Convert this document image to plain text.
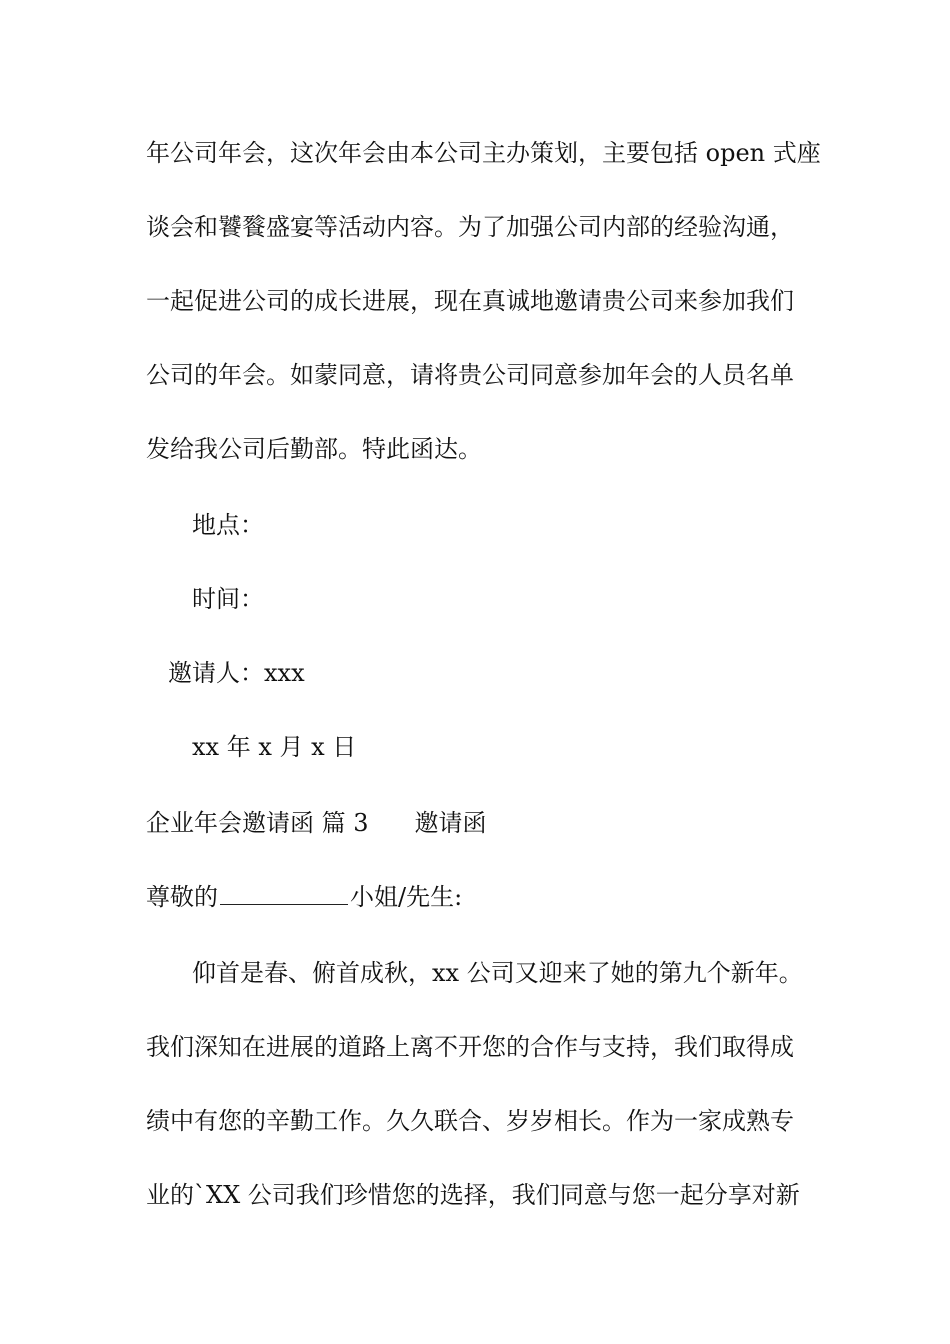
年公司年会，这次年会由本公司主办策划，主要包括 open 式座
谈会和饕餮盛宴等活动内容。为了加强公司内部的经验沟通，
一起促进公司的成长进展，现在真诚地邀请贵公司来参加我们
公司的年会。如蒙同意，请将贵公司同意参加年会的人员名单
发给我公司后勤部。特此函达。
地点：
时间：
邀请人：xxx
xx 年 x 月 x 日
企业年会邀请函 篇 3 邀请函
尊敬的	小姐/先生:
仰首是春、俯首成秋，xx 公司又迎来了她的第九个新年。
我们深知在进展的道路上离不开您的合作与支持，我们取得成
绩中有您的辛勤工作。久久联合、岁岁相长。作为一家成熟专
业的`XX 公司我们珍惜您的选择，我们同意与您一起分享对新
